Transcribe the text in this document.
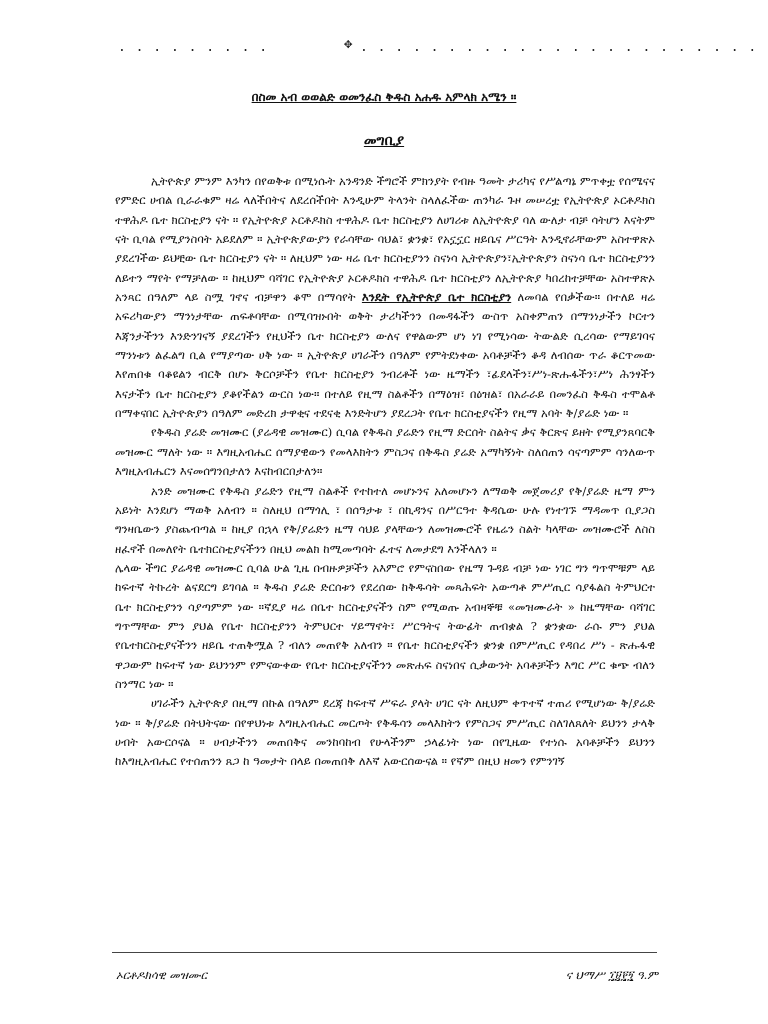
. . . . . . . . .	✥ . . . . . . . . . . . . . . . . . . . . . . .
በስመ አብ ወወልድ ወመንፈስ ቅዱስ አሐዱ አምላክ አሜን ።
መግቢያ

ኢትዮጵያ ምንም እንካን በየወቅቱ በሚነሱት አንዳንድ ችግሮች ምክንያት የብዙ ዓመት ታሪካና የሥልጣኔ ምጥቀቷ የሰሜናና የምድር ሀብል ቢራራቁም ዛሬ ላለችበትና ለደረሰችበት እንዲሁም ትላንት ስላለፈችው ጠንካራ ጉዞ መሠረቷ የኢትዮጵያ ኦርቶዶክስ ተዋሕዶ ቤተ ክርስቲያን ናት ። የኢትዮጵያ ኦርቶዶክስ ተዋሕዶ ቤተ ክርስቲያን ለሀገሪቱ ለኢትዮጵያ ባለ ውለታ ብቻ ሳትሆን እናትም ናት ቢባል የሚያንስባት አይደለም ። ኢትዮጵያውያን የራሳቸው ባህል፣ ቋንቋ፣ የአኗኗር ዘይቤና ሥርዓት እንዲኖራቸውም አስተዋጽኦ ያደረገችው ይህቺው ቤተ ክርስቲያን ናት ። ለዚህም ነው ዛሬ ቤተ ክርስቲያንን ስናነሳ ኢትዮጵያን፣ኢትዮጵያን ስናነሳ ቤተ ክርስቲያንን ለይተን ማየት የማቻለው ። ከዚህም ባሻገር የኢትዮጵያ ኦርቶዶክስ ተዋሕዶ ቤተ ክርስቲያን ለኢትዮጵያ ካበረከተቻቸው አስተዋጽኦ አንጻር በዓለም ላይ ስሟ ገኖና ብቻዋን ቆሞ በማሳየት እንዴት የኢትዮጵያ ቤተ ክርስቲያን ለመባል የበቃችው። በተለይ ዛሬ አፍሪካውያን ማንነታቸው ጠፍቶባቸው በሚባዝኑበት ወቅት ታሪካችንን በመዳፋችን ውስጥ አስቀምጠን በማንነታችን ኮርተን እጃንታችንን እንድንገናኝ ያደረገችን የዚህችን ቤተ ክርስቲያን ውለና የዋልውም ሆነ ነገ የሚነሳው ትውልድ ሲረሳው የማይገባና ማንነቱን ልፈልግ ቢል የማያጣው ሀቅ ነው ። ኢትዮጵያ ሀገራችን በዓለም የምትደነቀው አባቶቻችን ቆዳ ለብሰው ጥራ ቆርጥመው እየጠበቁ ባቆዩልን ብርቅ በሆኑ ቅርሶቻችን የቤተ ክርስቲያን ንብረቶች ነው ዜማችን ፣ፊደላችን፣ሥነ-ጽሑፋችን፣ሥነ ሕንፃችን እናታችን ቤተ ክርስቲያን ያቆየችልን ውርስ ነው። በተለይ የዚማ ስልቶችን በማዕዝ፣ በዕዝል፣ በአራራይ በመንፈስ ቅዱስ ተሞልቶ በማቀናበር ኢትዮጵያን በዓለም መድረክ ታዋቂና ተደናቂ እንድትሆን ያደረጋት የቤተ ክርስቲያናችን የዚማ አባት ቅ/ያሬድ ነው ።

የቅዱስ ያሬድ መዝሙር (ያሬዳዊ መዝሙር) ሲባል የቅዱስ ያሬድን የዚማ ድርሰት ስልትና ቃና ቅርጽና ይዘት የሚያንጸባርቅ መዝሙር ማለት ነው ። እግዚአብሔር ሰማያዊውን የመላእክትን ምስጋና በቅዱስ ያሬድ አማካኝነት ስለሰጠን ሳናጣምም ሳንለውጥ እግዚአብሔርን እናመሰግንበታለን እናከብርበታለን።

አንድ መዝሙር የቅዱስ ያሬድን የዚማ ስልቶች የተከተለ መሆኑንና አለመሆኑን ለማወቅ መጀመሪያ የቅ/ያሬድ ዜማ ምን አይነት እንደሆነ ማወቅ አለብን ። ስለዚህ በማጎሊ ፣ በሰዓታቱ ፣ በኪዳንና በሥርዓተ ቅዳሴው ሁሉ የነተገኙ ማዳመጥ ቢያጋስ ግንዛቤውን ያስጨብጣል ። ከዚያ በኋላ የቅ/ያሬድን ዜማ ሳህይ ያላቸውን ለመዝሙሮች የዜሬን ስልት ካላቸው መዝሙሮች ለስስ ዘፈኖች በመለየት ቤተክርስቲያናችንን በዚህ መልክ ከሚመጣባት ፈተና ለመታደግ እንችላለን ።

ሌላው ችግር ያሬዳዊ መዝሙር ሲባል ሁል ጊዜ በብዙዎቻችን አእምሮ የምናስበው የዜማ ጉዳይ ብቻ ነው ነገር ግን ግጥሞቹም ላይ ከፍተኛ ትኩረት ልናደርግ ይገባል ። ቅዱስ ያሬድ ድርሰቱን የደረሰው ከቅዱሳት መጻሕፍት አውጣቶ ምሥጢር ሳያፋልስ ትምህርተ ቤተ ክርስቲያንን ሳያጣምም ነው ።ኛዴያ ዛሬ በቤተ ክርስቲያናችን ስም የሚወጡ አብዛኞቹ «መዝሙራት » ከዜማቸው ባሻገር ግጥማቸው ምን ያህል የቤተ ክርስቲያንን ትምህርተ ሃይማኖት፣ ሥርዓትና ትውፊት ጠብቋል ? ቋንቋው ራሱ ምን ያህል የቤተክርስቲያናችንን ዘይቤ ተጠቅሟል ? ብለን መጠየቅ አለብን ። የቤተ ክርስቲያናችን ቋንቋ በምሥጢር የዳበረ ሥነ - ጽሑፋዊ ዋጋውም ከፍተኛ ነው ይህንንም የምናውቀው የቤተ ክርስቲያናችንን መጽሐፍ ስናነበና ሲቃውንት አባቶቻችን እግር ሥር ቁጭ ብለን ስንማር ነው ።

ሀገራችን ኢትዮጵያ በዚማ በኩል በዓለም ደረጃ ከፍተኛ ሥፍራ ያላት ሀገር ናት ለዚህም ቀጥተኛ ተጠሪ የሚሆነው ቅ/ያሬድ ነው ። ቅ/ያሬድ በትህትናው በየዋህነቱ እግዚአብሔር መርጦት የቅዱሳን መላእክትን የምስጋና ምሥጢር ስለገለጸለት ይህንን ታላቅ ሀብት አውርሶናል ። ሀብታችንን መጠበቅና መንከባከብ የሁላችንም ኃላፊነት ነው በየጊዜው የተነሱ አባቶቻችን ይህንን ከእግዚአብሔር የተሰጠንን ጸጋ ከ ዓመታት በላይ በመጠበቅ ለእኛ አውርሰውናል ። የኛም በዚህ ዘመን የምንገኝ

ኦርቶዶክሳዊ መዝሙር	ና ህማሥ ፲፱፻፺ ዓ.ም
